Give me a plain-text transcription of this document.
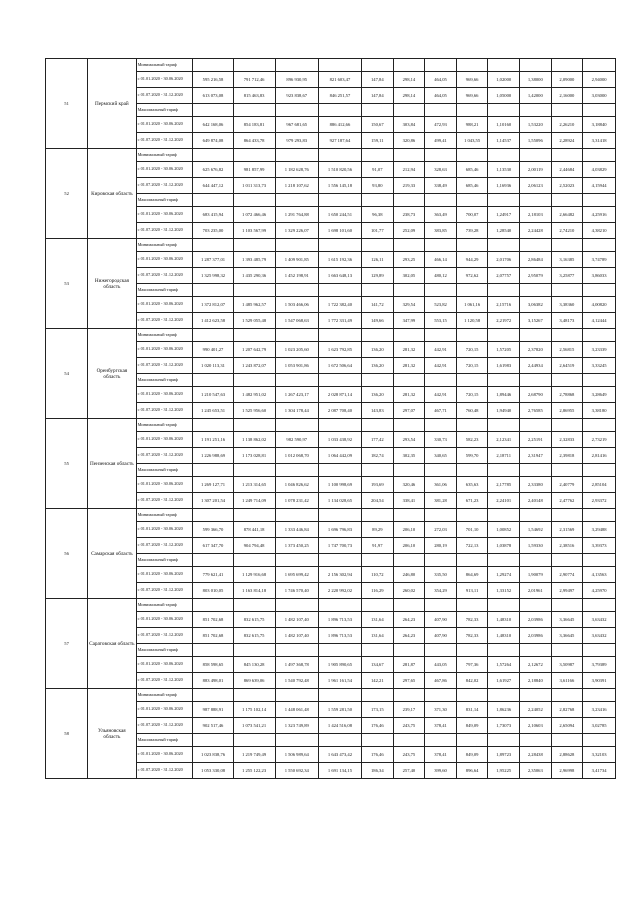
51	Пермский край	Минимальный тариф												
		с 01.01.2020 - 30.06.2020	595 216,58	791 712,46	896 930,95	821 603,47	147,84	298,14	464,05	969,66	1,02000	1,38000	2,09000	2,94000
		с 01.07.2020 - 31.12.2020	613 073,08	815 463,83	923 838,67	846 251,57	147,84	298,14	464,05	969,66	1,05000	1,42000	2,16000	3,03000
		Максимальный тариф												
		с 01.01.2020 - 30.06.2020	642 168,06	854 183,81	967 681,65	886 412,66	150,67	303,84	472,93	988,21	1,10160	1,53220	2,26210	3,18840
		с 01.07.2020 - 31.12.2020	649 874,08	864 433,78	979 293,83	927 187,64	159,11	320,86	499,41	1 043,55	1,14537	1,55096	2,28924	3,31418
52	Кировская область	Минимальный тариф												
		с 01.01.2020 - 30.06.2020	625 676,82	981 857,99	1 182 628,76	1 510 820,56	91,07	212,94	328,63	685,46	1,13530	2,00119	2,44684	4,03829
		с 01.07.2020 - 31.12.2020	644 447,12	1 011 313,73	1 218 107,62	1 556 145,18	93,80	219,33	338,49	685,46	1,16936	2,06123	2,52023	4,15944
		Максимальный тариф												
		с 01.01.2020 - 30.06.2020	683 415,94	1 072 466,46	1 291 764,88	1 650 244,51	96,38	238,73	363,49	700,07	1,24917	2,18103	2,66482	4,25916
		с 01.07.2020 - 31.12.2020	703 235,00	1 103 567,99	1 329 226,07	1 698 101,60	101,77	252,09	383,85	739,28	1,28540	2,24428	2,74210	4,38210
53	Нижегородская область	Минимальный тариф												
		с 01.01.2020 - 30.06.2020	1 287 377,01	1 393 485,79	1 409 901,85	1 615 192,36	126,11	293,25	466,14	944,29	2,01706	2,86484	3,16385	3,74789
		с 01.07.2020 - 31.12.2020	1 325 998,32	1 435 290,36	1 452 198,91	1 663 648,13	129,89	302,05	480,12	972,62	2,07757	2,95079	3,25877	3,86033
		Максимальный тариф												
		с 01.01.2020 - 30.06.2020	1 372 812,07	1 485 962,57	1 503 466,06	1 722 382,40	141,72	329,54	523,82	1 061,16	2,15716	3,06382	3,38360	4,00820
		с 01.07.2020 - 31.12.2020	1 412 623,58	1 529 055,48	1 547 068,63	1 772 331,49	149,66	347,99	553,15	1 120,58	2,21972	3,15267	3,48173	4,12444
54	Оренбургская область	Минимальный тариф												
		с 01.01.2020 - 30.06.2020	990 401,27	1 207 642,79	1 023 205,60	1 623 792,85	136,20	281,32	442,91	720,15	1,57205	2,37820	2,56815	3,23339
		с 01.07.2020 - 31.12.2020	1 020 113,31	1 243 872,07	1 053 901,86	1 672 506,64	136,20	281,32	442,91	720,15	1,61983	2,44934	2,64519	3,33245
		Максимальный тариф												
		с 01.01.2020 - 30.06.2020	1 210 547,63	1 482 951,02	1 267 423,17	2 028 871,14	136,20	281,32	442,91	720,15	1,89446	2,68790	2,78868	3,28649
		с 01.07.2020 - 31.12.2020	1 245 653,51	1 525 956,60	1 304 178,44	2 087 708,40	143,83	297,07	467,71	760,48	1,94940	2,76585	2,86955	3,38180
55	Пензенская область	Минимальный тариф												
		с 01.01.2020 - 30.06.2020	1 191 251,16	1 138 862,02	982 590,97	1 033 438,92	177,42	293,54	330,73	582,23	2,12341	2,25191	2,32833	2,73219
		с 01.07.2020 - 31.12.2020	1 226 988,69	1 173 028,81	1 012 068,70	1 064 442,09	182,74	302,35	340,65	599,70	2,18711	2,31947	2,39818	2,81416
		Максимальный тариф												
		с 01.01.2020 - 30.06.2020	1 269 127,71	1 213 314,65	1 046 826,62	1 100 998,69	193,69	320,46	361,06	635,63	2,17785	2,33380	2,40779	2,85104
		с 01.07.2020 - 31.12.2020	1 307 201,54	1 249 714,09	1 078 231,42	1 134 028,65	204,54	338,41	381,28	671,23	2,24101	2,40148	2,47762	2,93372
56	Самарская область	Минимальный тариф												
		с 01.01.2020 - 30.06.2020	599 366,70	878 441,18	1 333 446,84	1 696 796,83	89,29	206,10	272,03	701,10	1,00852	1,54692	2,31569	3,29488
		с 01.07.2020 - 31.12.2020	617 347,70	904 794,48	1 373 450,25	1 747 700,73	91,97	206,10	280,19	722,13	1,03878	1,59330	2,38516	3,39373
		Максимальный тариф												
		с 01.01.2020 - 30.06.2020	779 621,41	1 129 916,68	1 695 699,42	2 156 302,94	110,72	246,80	335,50	864,69	1,29274	1,90079	2,90774	4,13563
		с 01.07.2020 - 31.12.2020	803 010,05	1 163 814,18	1 746 570,40	2 220 992,02	116,29	260,02	354,29	913,11	1,33152	2,01961	2,99497	4,25970
57	Саратовская область	Минимальный тариф												
		с 01.01.2020 - 30.06.2020	851 702,68	832 615,75	1 482 107,40	1 896 713,53	131,64	264,23	407,90	782,33	1,48310	2,03986	3,36645	3,63432
		с 01.07.2020 - 31.12.2020	851 702,68	832 615,75	1 482 107,40	1 896 713,53	131,64	264,23	407,90	782,33	1,48310	2,03986	3,36645	3,63432
		Максимальный тариф												
		с 01.01.2020 - 30.06.2020	858 598,65	845 130,28	1 497 368,78	1 905 890,65	134,67	281,87	443,05	797,36	1,57264	2,12672	3,50987	3,79389
		с 01.07.2020 - 31.12.2020	883 498,01	869 639,06	1 540 792,48	1 961 161,54	142,21	297,65	467,86	842,02	1,61927	2,18840	3,61166	3,90391
58	Ульяновская область	Минимальный тариф												
		с 01.01.2020 - 30.06.2020	987 888,91	1 175 102,14	1 448 061,48	1 559 281,50	173,15	239,17	371,30	831,14	1,86236	2,24052	2,82768	3,23416
		с 01.07.2020 - 31.12.2020	902 517,46	1 073 541,21	1 323 749,89	1 424 516,08	176,46	243,75	378,41	849,09	1,73073	2,10603	2,65094	3,02785
		Максимальный тариф												
		с 01.01.2020 - 30.06.2020	1 023 838,76	1 219 749,49	1 506 989,64	1 643 473,42	176,46	243,75	378,41	849,09	1,89723	2,28438	2,88628	3,32103
		с 01.07.2020 - 31.12.2020	1 053 330,08	1 255 122,23	1 550 692,34	1 691 134,15	186,34	257,40	399,60	896,64	1,95225	2,35063	2,96998	3,41734
